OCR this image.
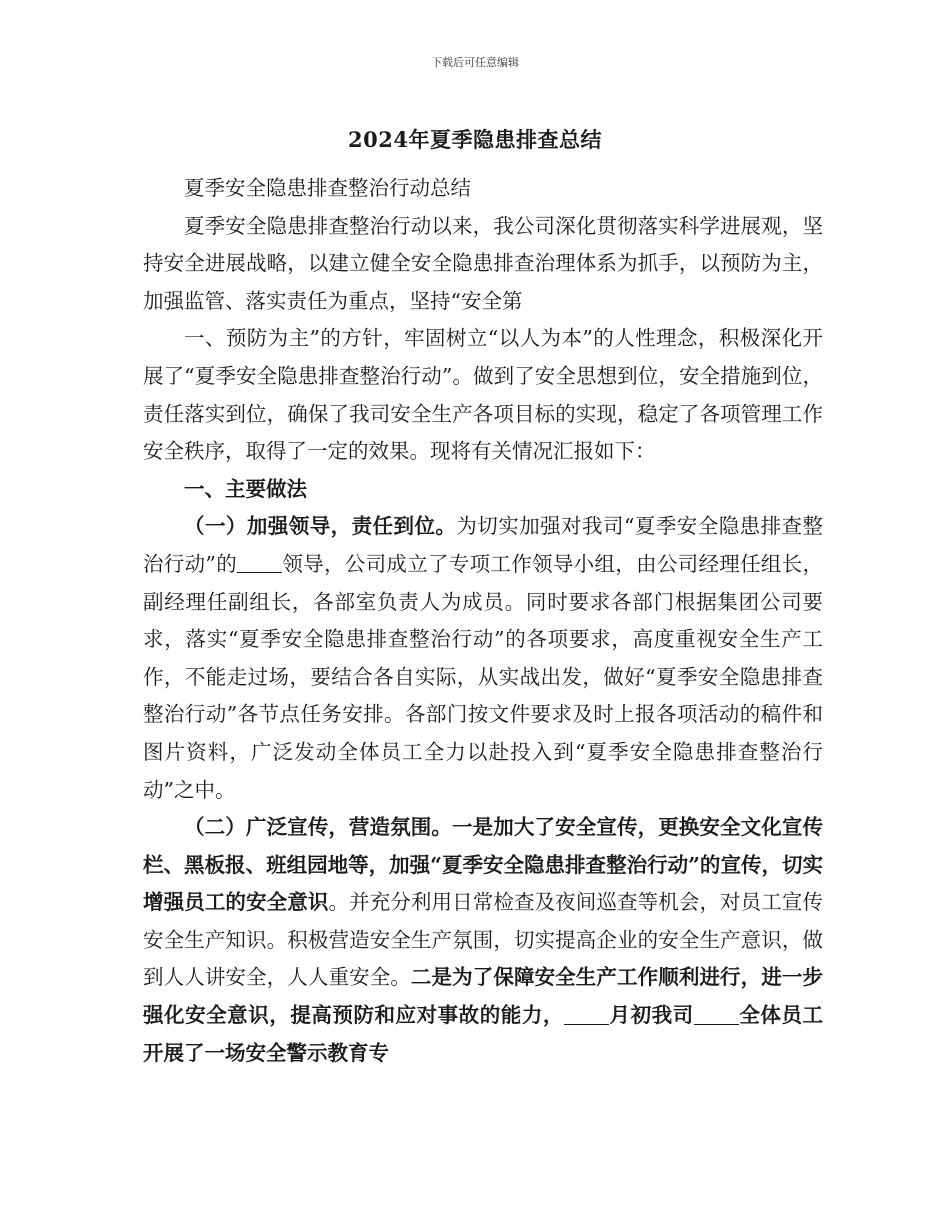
下载后可任意编辑
2024年夏季隐患排查总结

夏季安全隐患排查整治行动总结

夏季安全隐患排查整治行动以来，我公司深化贯彻落实科学进展观，坚持安全进展战略，以建立健全安全隐患排查治理体系为抓手，以预防为主，加强监管、落实责任为重点，坚持“安全第

一、预防为主”的方针，牢固树立“以人为本”的人性理念，积极深化开展了“夏季安全隐患排查整治行动”。做到了安全思想到位，安全措施到位，责任落实到位，确保了我司安全生产各项目标的实现，稳定了各项管理工作安全秩序，取得了一定的效果。现将有关情况汇报如下：

一、主要做法

（一）加强领导，责任到位。为切实加强对我司“夏季安全隐患排查整治行动”的 领导，公司成立了专项工作领导小组，由公司经理任组长，副经理任副组长，各部室负责人为成员。同时要求各部门根据集团公司要求，落实“夏季安全隐患排查整治行动”的各项要求，高度重视安全生产工作，不能走过场，要结合各自实际，从实战出发，做好“夏季安全隐患排查整治行动”各节点任务安排。各部门按文件要求及时上报各项活动的稿件和图片资料，广泛发动全体员工全力以赴投入到“夏季安全隐患排查整治行动”之中。

（二）广泛宣传，营造氛围。一是加大了安全宣传，更换安全文化宣传栏、黑板报、班组园地等，加强“夏季安全隐患排查整治行动”的宣传，切实增强员工的安全意识。并充分利用日常检查及夜间巡查等机会，对员工宣传安全生产知识。积极营造安全生产氛围，切实提高企业的安全生产意识，做到人人讲安全，人人重安全。二是为了保障安全生产工作顺利进行，进一步强化安全意识，提高预防和应对事故的能力， 月初我司 全体员工开展了一场安全警示教育专
